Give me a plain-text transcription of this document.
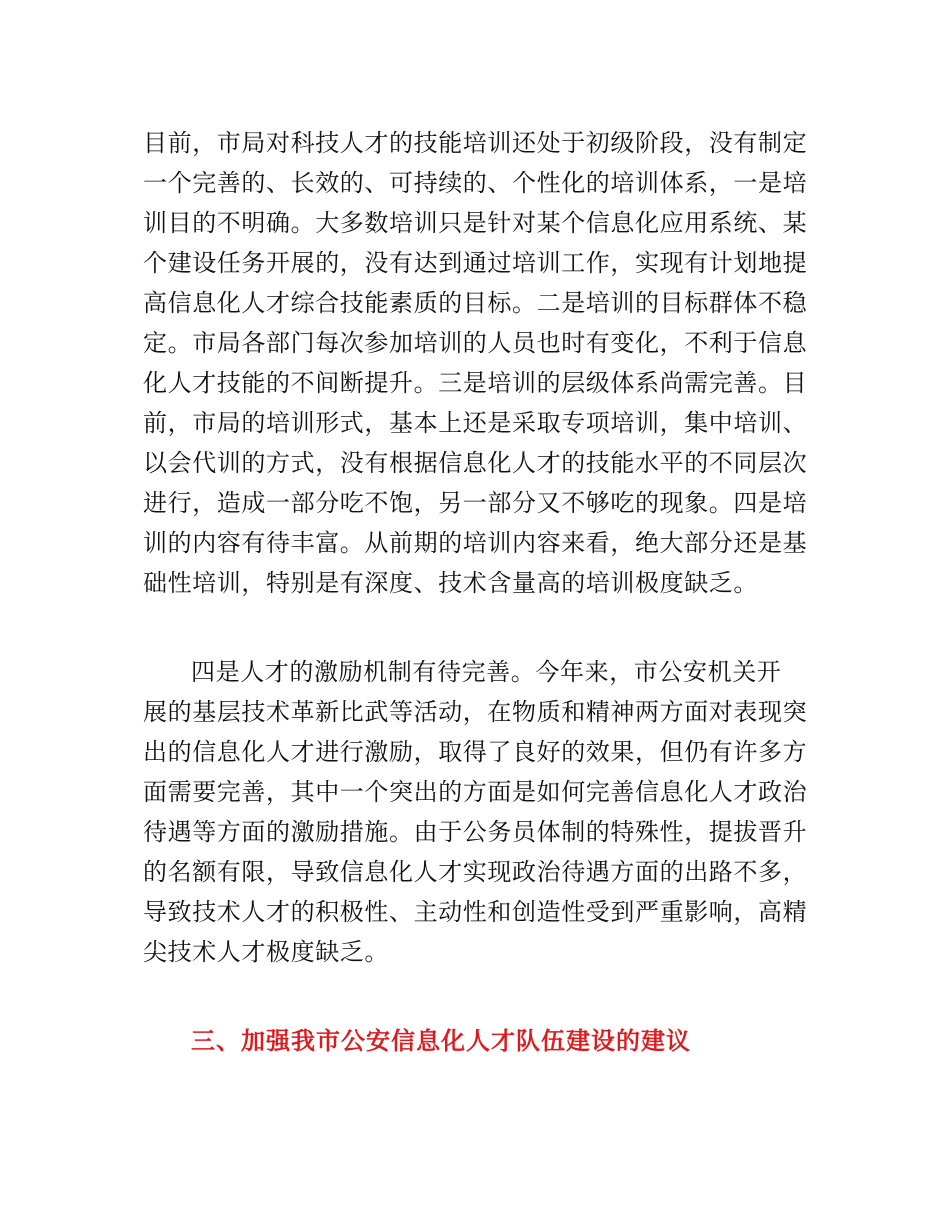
目前，市局对科技人才的技能培训还处于初级阶段，没有制定
一个完善的、长效的、可持续的、个性化的培训体系，一是培
训目的不明确。大多数培训只是针对某个信息化应用系统、某
个建设任务开展的，没有达到通过培训工作，实现有计划地提
高信息化人才综合技能素质的目标。二是培训的目标群体不稳
定。市局各部门每次参加培训的人员也时有变化，不利于信息
化人才技能的不间断提升。三是培训的层级体系尚需完善。目
前，市局的培训形式，基本上还是采取专项培训，集中培训、
以会代训的方式，没有根据信息化人才的技能水平的不同层次
进行，造成一部分吃不饱，另一部分又不够吃的现象。四是培
训的内容有待丰富。从前期的培训内容来看，绝大部分还是基
础性培训，特别是有深度、技术含量高的培训极度缺乏。
四是人才的激励机制有待完善。今年来，市公安机关开
展的基层技术革新比武等活动，在物质和精神两方面对表现突
出的信息化人才进行激励，取得了良好的效果，但仍有许多方
面需要完善，其中一个突出的方面是如何完善信息化人才政治
待遇等方面的激励措施。由于公务员体制的特殊性，提拔晋升
的名额有限，导致信息化人才实现政治待遇方面的出路不多，
导致技术人才的积极性、主动性和创造性受到严重影响，高精
尖技术人才极度缺乏。
三、加强我市公安信息化人才队伍建设的建议
